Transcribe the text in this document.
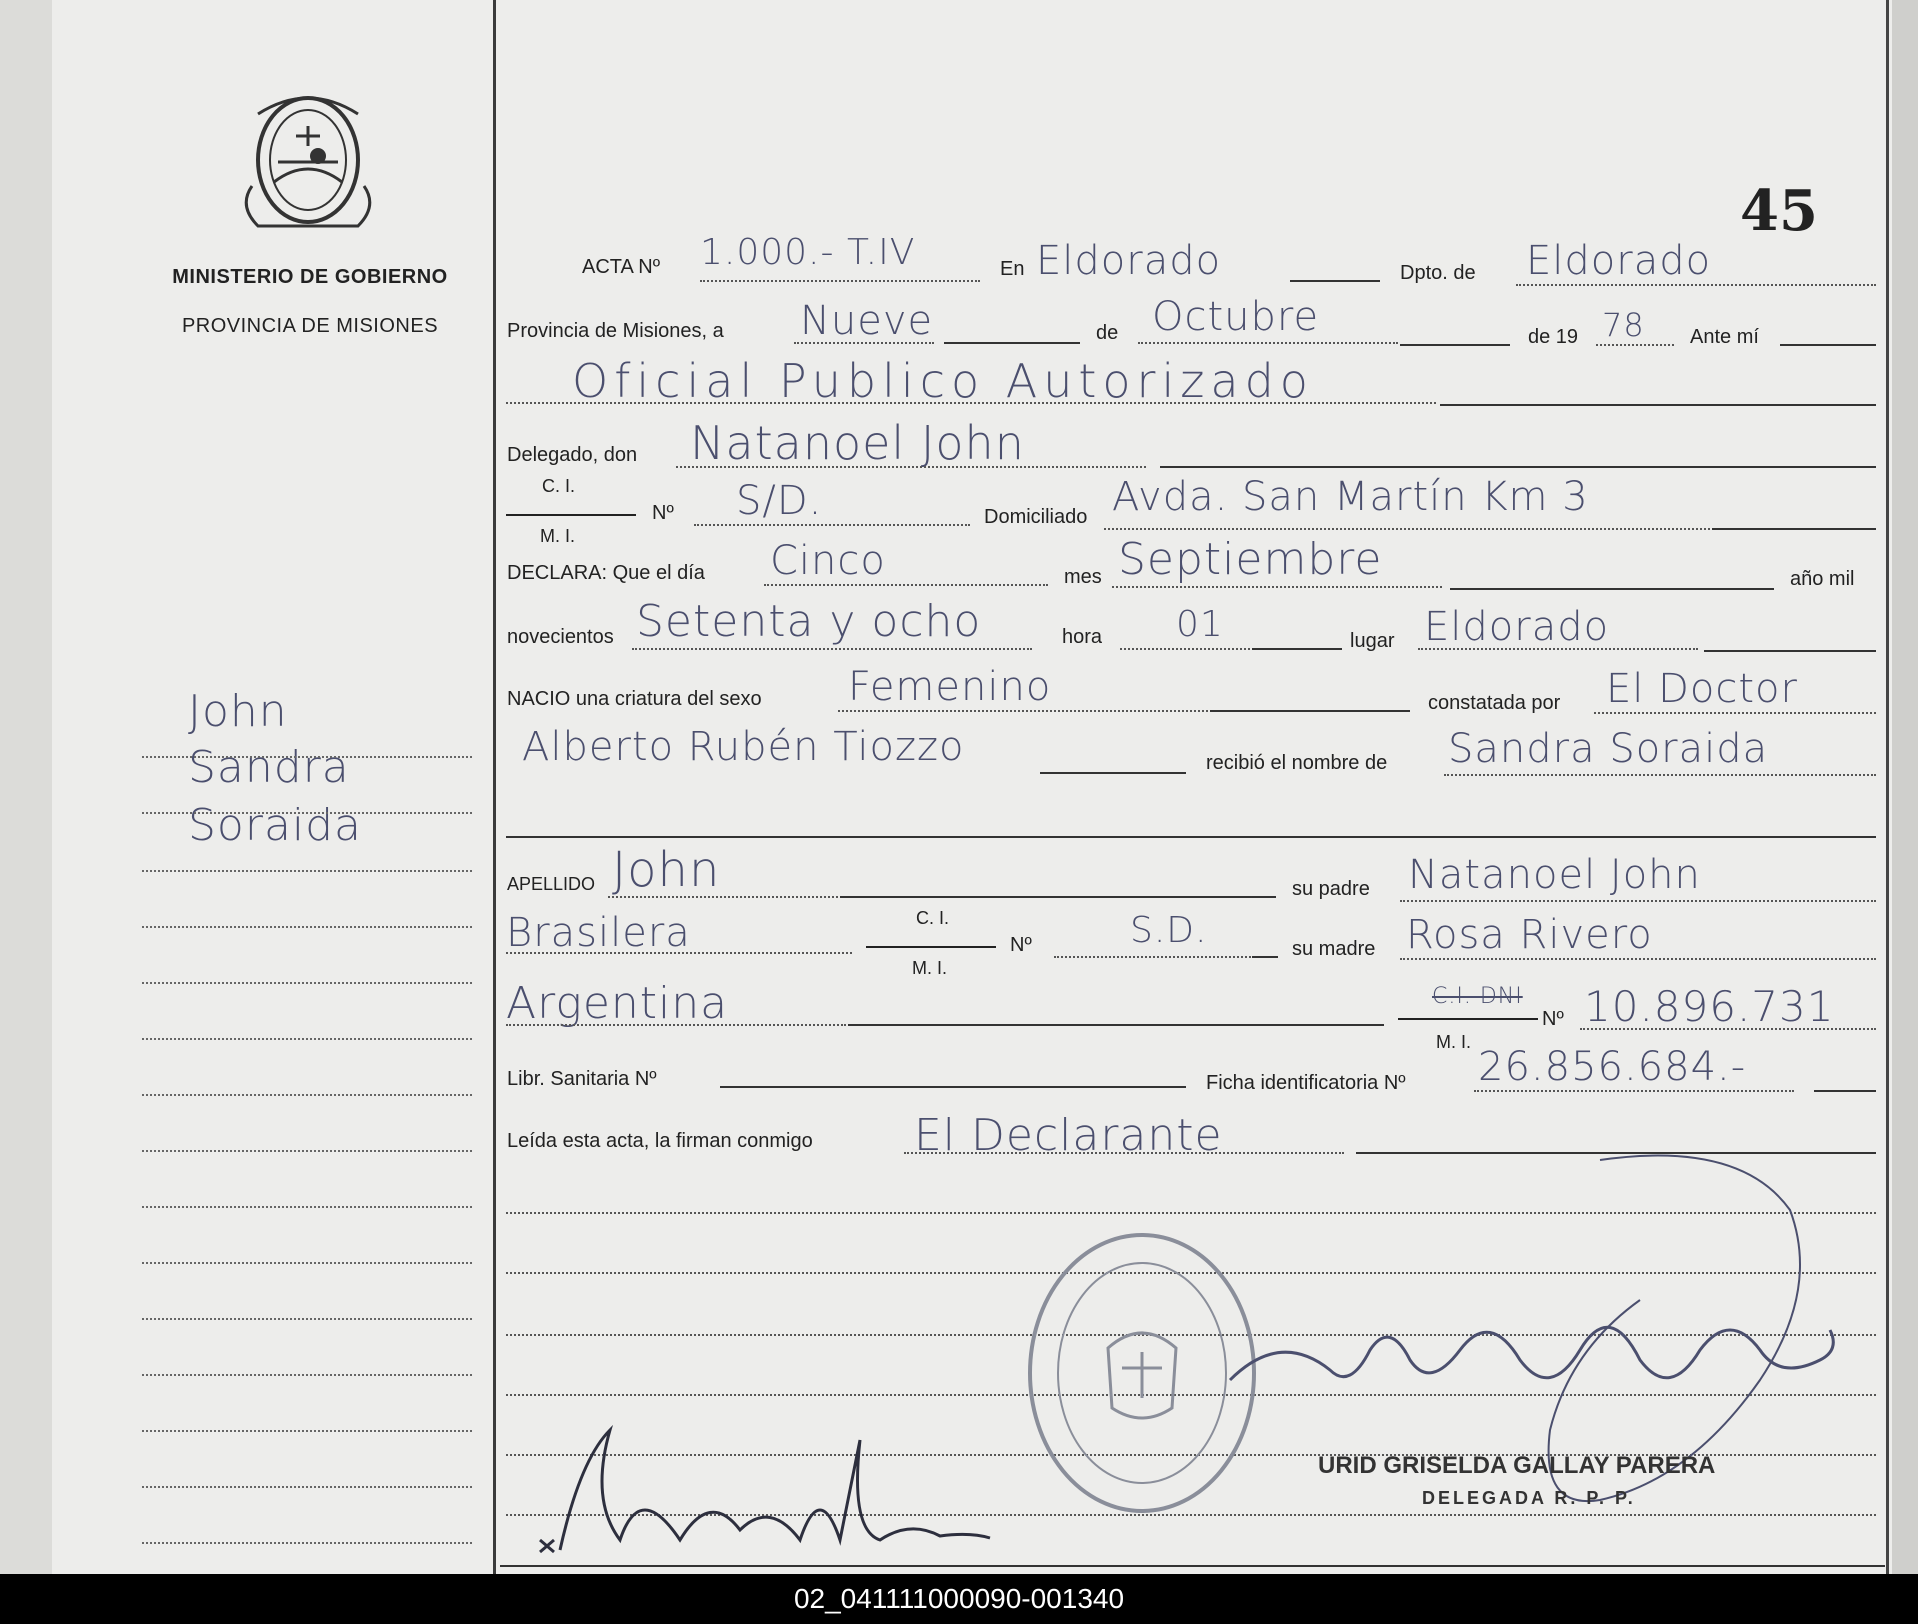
MINISTERIO DE GOBIERNO
PROVINCIA DE MISIONES
45
John
Sandra
Soraida
ACTA Nº 1.000.- T.IV	En Eldorado	Dpto. de Eldorado
Provincia de Misiones, a Nueve	de Octubre	de 19 78 Ante mí
Oficial Publico Autorizado
Delegado, don Natanoel John
C. I.
M. I.
Nº S/D.	Domiciliado Avda. San Martín Km 3
DECLARA: Que el día Cinco	mes Septiembre	año mil
novecientos Setenta y ocho	hora 01	lugar Eldorado
NACIO una criatura del sexo Femenino	constatada por El Doctor
Alberto Rubén Tiozzo	recibió el nombre de Sandra Soraida
APELLIDO John	su padre Natanoel John
Brasilera	C. I.
M. I.
Nº	S.D.	su madre Rosa Rivero
Argentina	C.I. DNI
M. I.
Nº 10.896.731
Libr. Sanitaria Nº	Ficha identificatoria Nº 26.856.684.-
Leída esta acta, la firman conmigo El Declarante
URID GRISELDA GALLAY PARERA
DELEGADA R. P. P.
02_041111000090-001340
